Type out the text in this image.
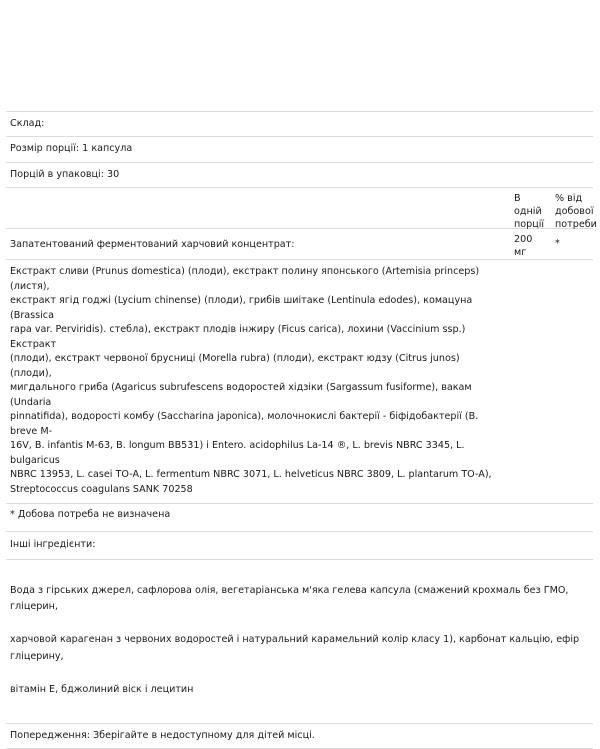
Склад:
Розмір порції: 1 капсула
Порцій в упаковці: 30
В
одній
порції
% від
добової
потреби
Запатентований ферментований харчовий концентрат:	200
мг
*
Екстракт сливи (Prunus domestica) (плоди), екстракт полину японського (Artemisia princeps) (листя),
екстракт ягід годжі (Lycium chinense) (плоди), грибів шиітаке (Lentinula edodes), комацуна (Brassica
rapa var. Perviridis). стебла), екстракт плодів інжиру (Ficus carica), лохини (Vaccinium ssp.) Екстракт
(плоди), екстракт червоної брусниці (Morella rubra) (плоди), екстракт юдзу (Citrus junos) (плоди),
мигдального гриба (Agaricus subrufescens водоростей хідзіки (Sargassum fusiforme), вакам (Undaria
pinnatifida), водорості комбу (Saccharina japonica), молочнокислі бактерії - біфідобактерії (B. breve M-
16V, B. infantis M-63, B. longum BB531) і Entero. acidophilus La-14 ®, L. brevis NBRC 3345, L. bulgaricus
NBRC 13953, L. casei TO-A, L. fermentum NBRC 3071, L. helveticus NBRC 3809, L. plantarum TO-A),
Streptococcus coagulans SANK 70258
* Добова потреба не визначена
Інші інгредієнти:

Вода з гірських джерел, сафлорова олія, вегетаріанська м'яка гелева капсула (смажений крохмаль без ГМО, гліцерин,

харчовой карагенан з червоних водоростей і натуральний карамельний колір класу 1), карбонат кальцію, ефір гліцерину,

вітамін Е, бджолиний віск і лецитин

Попередження: Зберігайте в недоступному для дітей місці.
